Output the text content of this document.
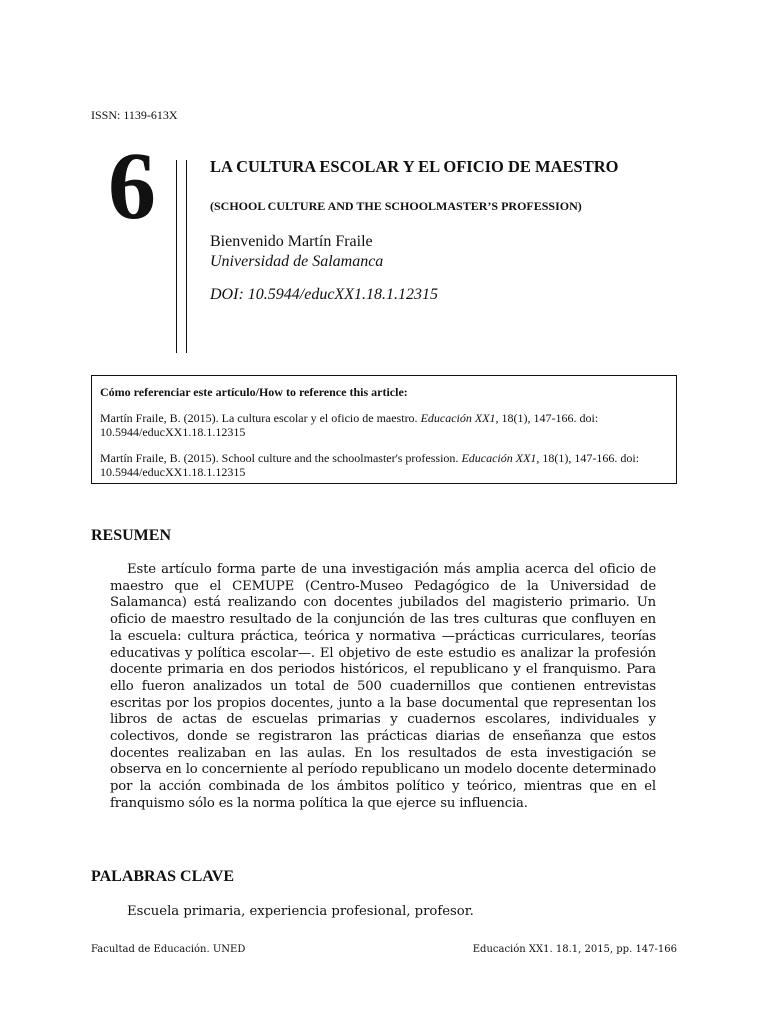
ISSN: 1139-613X
6	LA CULTURA ESCOLAR Y EL OFICIO DE MAESTRO
(SCHOOL CULTURE AND THE SCHOOLMASTER’S PROFESSION)
Bienvenido Martín Fraile
Universidad de Salamanca
DOI: 10.5944/educXX1.18.1.12315
Cómo referenciar este artículo/How to reference this article:
Martín Fraile, B. (2015). La cultura escolar y el oficio de maestro. Educación XX1, 18(1), 147-166. doi: 10.5944/educXX1.18.1.12315
Martín Fraile, B. (2015). School culture and the schoolmaster's profession. Educación XX1, 18(1), 147-166. doi: 10.5944/educXX1.18.1.12315
RESUMEN

Este artículo forma parte de una investigación más amplia acerca del oficio de maestro que el CEMUPE (Centro-Museo Pedagógico de la Universidad de Salamanca) está realizando con docentes jubilados del magisterio primario. Un oficio de maestro resultado de la conjunción de las tres culturas que confluyen en la escuela: cultura práctica, teórica y normativa —prácticas curriculares, teorías educativas y política escolar—. El objetivo de este estudio es analizar la profesión docente primaria en dos periodos históricos, el republicano y el franquismo. Para ello fueron analizados un total de 500 cuadernillos que contienen entrevistas escritas por los propios docentes, junto a la base documental que representan los libros de actas de escuelas primarias y cuadernos escolares, individuales y colectivos, donde se registraron las prácticas diarias de enseñanza que estos docentes realizaban en las aulas. En los resultados de esta investigación se observa en lo concerniente al período republicano un modelo docente determinado por la acción combinada de los ámbitos político y teórico, mientras que en el franquismo sólo es la norma política la que ejerce su influencia.

PALABRAS CLAVE
Escuela primaria, experiencia profesional, profesor.
Facultad de Educación. UNED	Educación XX1. 18.1, 2015, pp. 147-166
